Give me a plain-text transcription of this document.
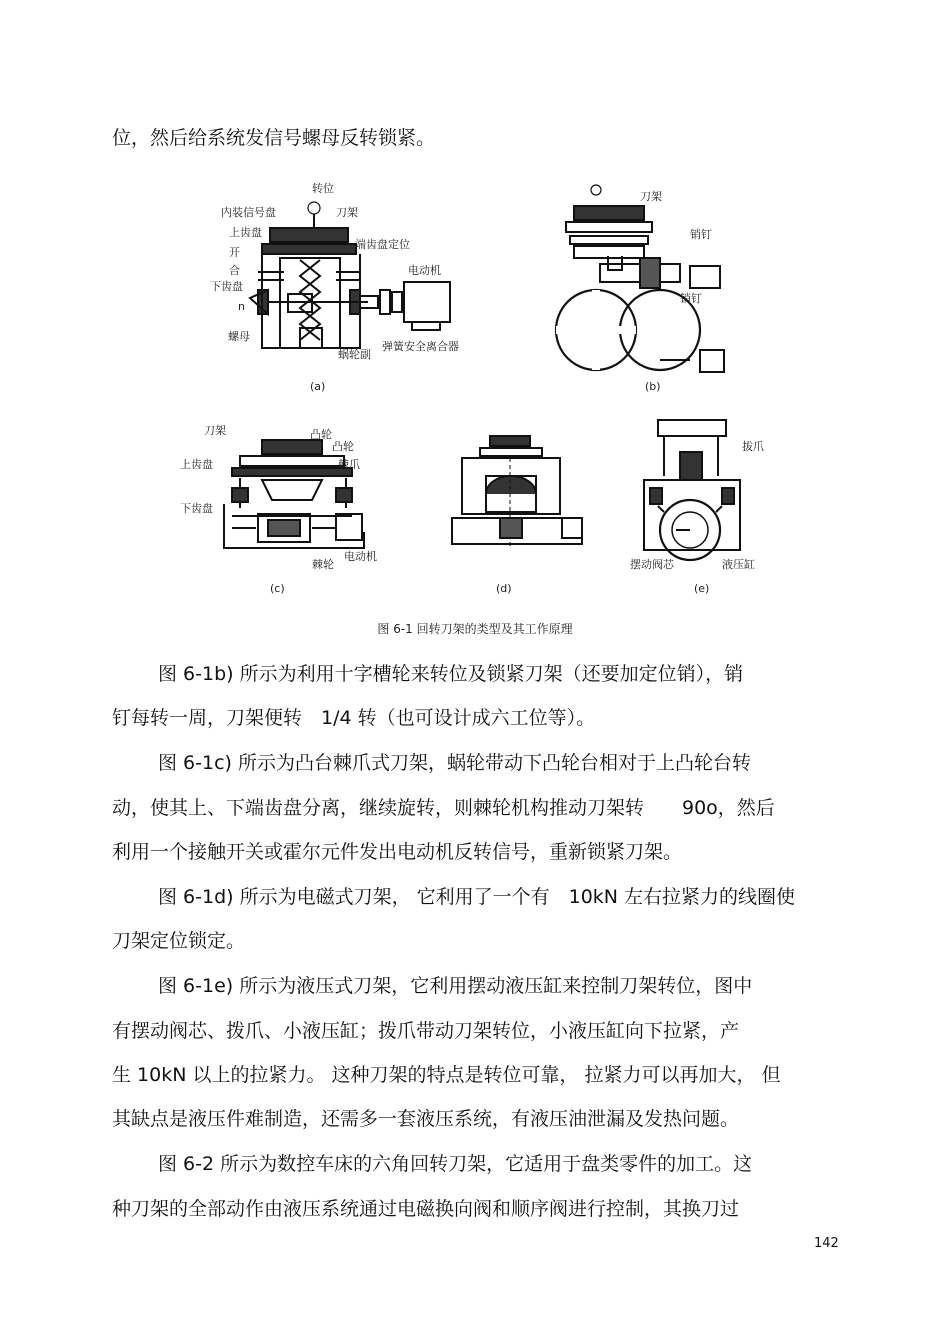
位，然后给系统发信号螺母反转锁紧。
转位
内装信号盘	刀架
上齿盘
开
端齿盘定位
合	电动机
下齿盘
n
螺母
弹簧安全离合器
蜗轮副
(a)
刀架
销钉
销钉
(b)
刀架	凸轮
凸轮
上齿盘	棘爪
下齿盘
棘轮
电动机
(c)	(d)
拔爪
摆动阀芯	液压缸
(e)
图 6-1 回转刀架的类型及其工作原理
图 6-1b) 所示为利用十字槽轮来转位及锁紧刀架（还要加定位销），销
钉每转一周，刀架便转　1/4 转（也可设计成六工位等）。
图 6-1c) 所示为凸台棘爪式刀架，蜗轮带动下凸轮台相对于上凸轮台转
动，使其上、下端齿盘分离，继续旋转，则棘轮机构推动刀架转　　90o，然后
利用一个接触开关或霍尔元件发出电动机反转信号，重新锁紧刀架。
图 6-1d) 所示为电磁式刀架， 它利用了一个有　10kN 左右拉紧力的线圈使
刀架定位锁定。
图 6-1e) 所示为液压式刀架，它利用摆动液压缸来控制刀架转位，图中
有摆动阀芯、拨爪、小液压缸；拨爪带动刀架转位，小液压缸向下拉紧，产
生 10kN 以上的拉紧力。 这种刀架的特点是转位可靠， 拉紧力可以再加大， 但
其缺点是液压件难制造，还需多一套液压系统，有液压油泄漏及发热问题。
图 6-2 所示为数控车床的六角回转刀架，它适用于盘类零件的加工。这
种刀架的全部动作由液压系统通过电磁换向阀和顺序阀进行控制，其换刀过
142
